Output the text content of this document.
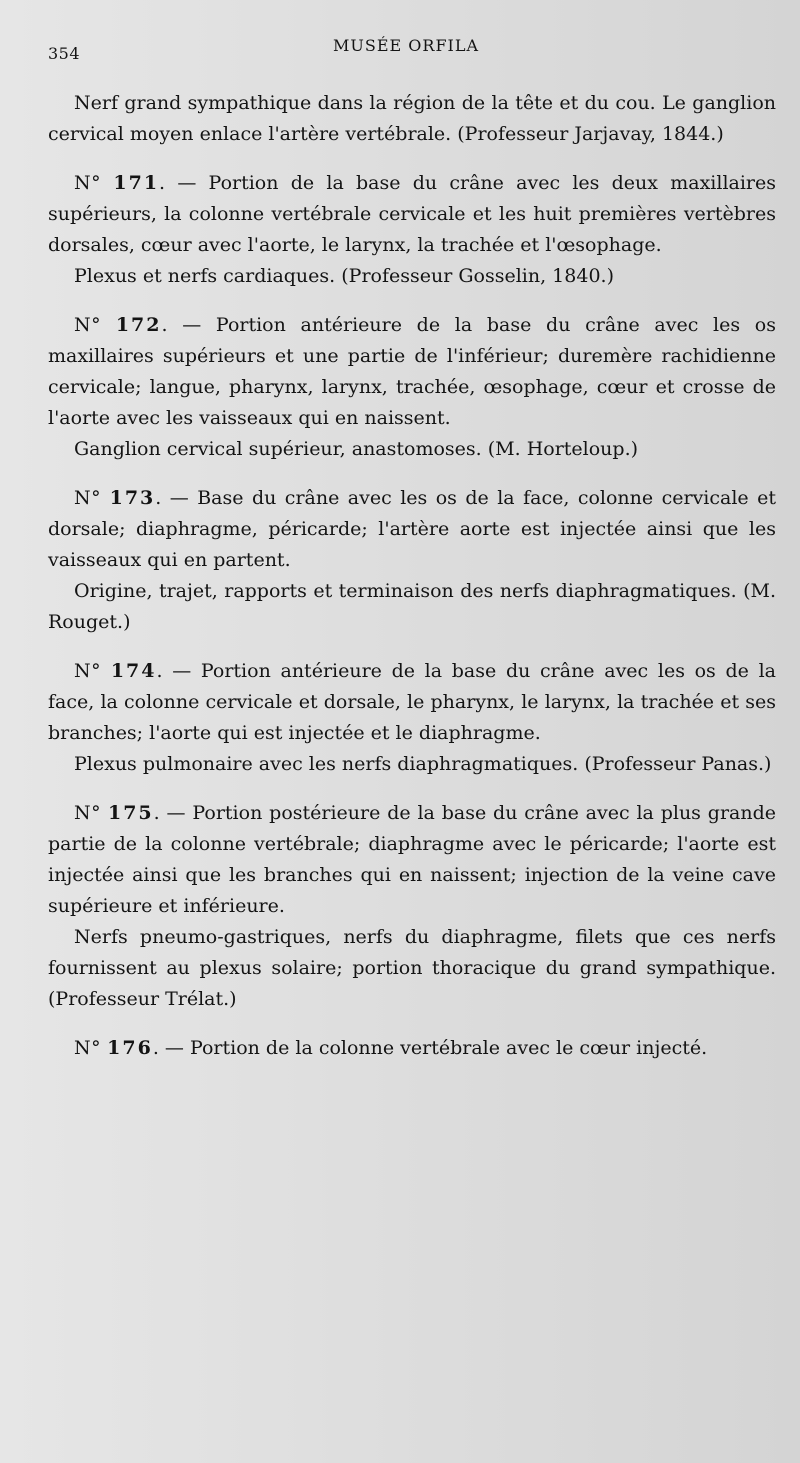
354	MUSÉE ORFILA

Nerf grand sympathique dans la région de la tête et du cou. Le ganglion cervical moyen enlace l'artère vertébrale. (Professeur Jarjavay, 1844.)

N° 171. — Portion de la base du crâne avec les deux maxillaires supérieurs, la colonne vertébrale cervicale et les huit premières vertèbres dorsales, cœur avec l'aorte, le larynx, la trachée et l'œsophage.

Plexus et nerfs cardiaques. (Professeur Gosselin, 1840.)

N° 172. — Portion antérieure de la base du crâne avec les os maxillaires supérieurs et une partie de l'inférieur; duremère rachidienne cervicale; langue, pharynx, larynx, trachée, œsophage, cœur et crosse de l'aorte avec les vaisseaux qui en naissent.

Ganglion cervical supérieur, anastomoses. (M. Horteloup.)

N° 173. — Base du crâne avec les os de la face, colonne cervicale et dorsale; diaphragme, péricarde; l'artère aorte est injectée ainsi que les vaisseaux qui en partent.

Origine, trajet, rapports et terminaison des nerfs diaphragmatiques. (M. Rouget.)

N° 174. — Portion antérieure de la base du crâne avec les os de la face, la colonne cervicale et dorsale, le pharynx, le larynx, la trachée et ses branches; l'aorte qui est injectée et le diaphragme.

Plexus pulmonaire avec les nerfs diaphragmatiques. (Professeur Panas.)

N° 175. — Portion postérieure de la base du crâne avec la plus grande partie de la colonne vertébrale; diaphragme avec le péricarde; l'aorte est injectée ainsi que les branches qui en naissent; injection de la veine cave supérieure et inférieure.

Nerfs pneumo-gastriques, nerfs du diaphragme, filets que ces nerfs fournissent au plexus solaire; portion thoracique du grand sympathique. (Professeur Trélat.)

N° 176. — Portion de la colonne vertébrale avec le cœur injecté.
